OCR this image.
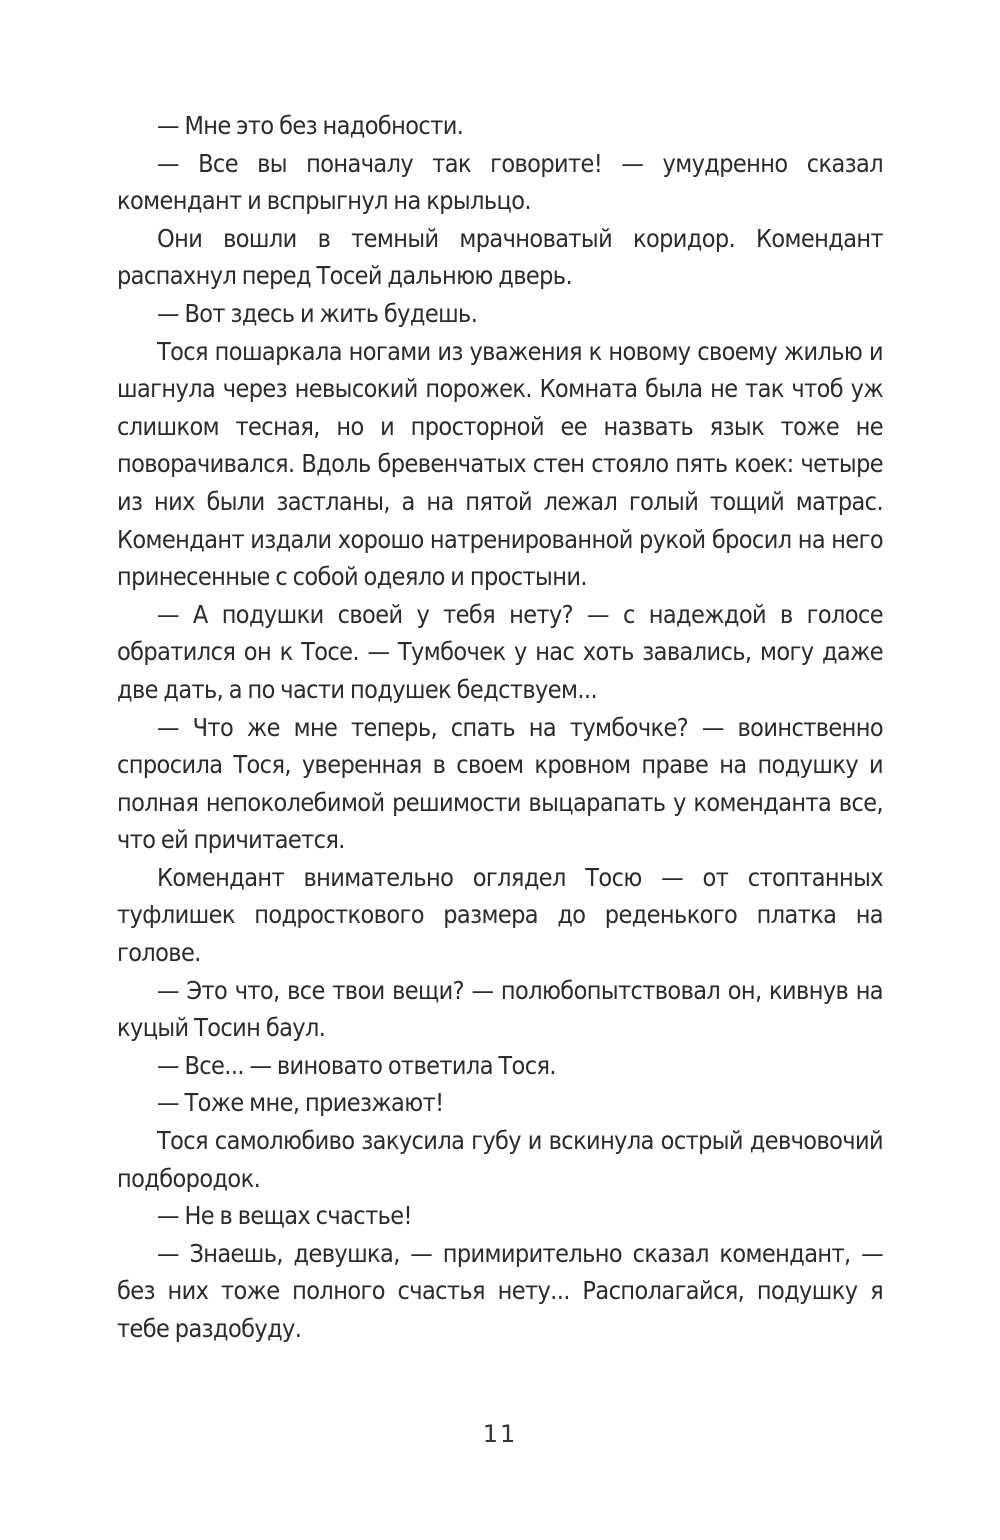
— Мне это без надобности.

— Все вы поначалу так говорите! — умудренно сказал комендант и вспрыгнул на крыльцо.

Они вошли в темный мрачноватый коридор. Комендант распахнул перед Тосей дальнюю дверь.

— Вот здесь и жить будешь.

Тося пошаркала ногами из уважения к новому своему жилью и шагнула через невысокий порожек. Комната была не так чтоб уж слишком тесная, но и просторной ее назвать язык тоже не поворачивался. Вдоль бревенчатых стен стояло пять коек: четыре из них были застланы, а на пятой лежал голый тощий матрас. Комендант издали хорошо натренированной рукой бросил на него принесенные с собой одеяло и простыни.

— А подушки своей у тебя нету? — с надеждой в голосе обратился он к Тосе. — Тумбочек у нас хоть завались, могу даже две дать, а по части подушек бедствуем...

— Что же мне теперь, спать на тумбочке? — воинственно спросила Тося, уверенная в своем кровном праве на подушку и полная непоколебимой решимости выцарапать у коменданта все, что ей причитается.

Комендант внимательно оглядел Тосю — от стоптанных туфлишек подросткового размера до реденького платка на голове.

— Это что, все твои вещи? — полюбопытствовал он, кивнув на куцый Тосин баул.

— Все... — виновато ответила Тося.

— Тоже мне, приезжают!

Тося самолюбиво закусила губу и вскинула острый девчовочий подбородок.

— Не в вещах счастье!

— Знаешь, девушка, — примирительно сказал комендант, — без них тоже полного счастья нету... Располагайся, подушку я тебе раздобуду.

11
